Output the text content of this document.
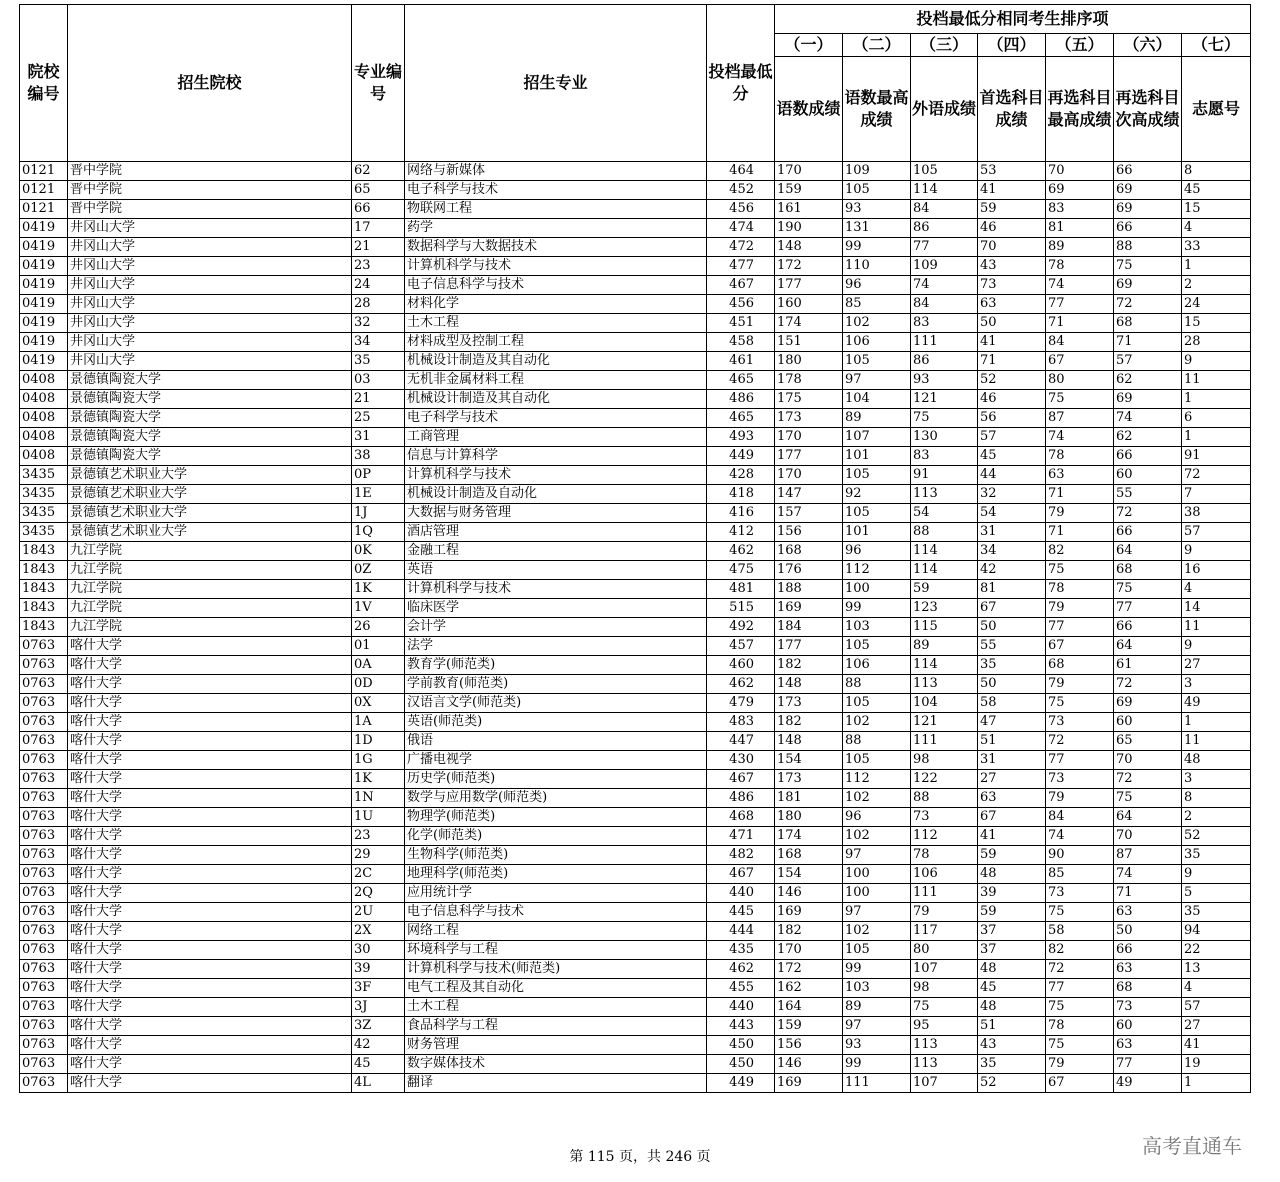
院校编号	招生院校	专业编号	招生专业	投档最低分	投档最低分相同考生排序项						
					（一）	（二）	（三）	（四）	（五）	（六）	（七）
					语数成绩	语数最高成绩	外语成绩	首选科目成绩	再选科目最高成绩	再选科目次高成绩	志愿号
0121	晋中学院	62	网络与新媒体	464	170	109	105	53	70	66	8
0121	晋中学院	65	电子科学与技术	452	159	105	114	41	69	69	45
0121	晋中学院	66	物联网工程	456	161	93	84	59	83	69	15
0419	井冈山大学	17	药学	474	190	131	86	46	81	66	4
0419	井冈山大学	21	数据科学与大数据技术	472	148	99	77	70	89	88	33
0419	井冈山大学	23	计算机科学与技术	477	172	110	109	43	78	75	1
0419	井冈山大学	24	电子信息科学与技术	467	177	96	74	73	74	69	2
0419	井冈山大学	28	材料化学	456	160	85	84	63	77	72	24
0419	井冈山大学	32	土木工程	451	174	102	83	50	71	68	15
0419	井冈山大学	34	材料成型及控制工程	458	151	106	111	41	84	71	28
0419	井冈山大学	35	机械设计制造及其自动化	461	180	105	86	71	67	57	9
0408	景德镇陶瓷大学	03	无机非金属材料工程	465	178	97	93	52	80	62	11
0408	景德镇陶瓷大学	21	机械设计制造及其自动化	486	175	104	121	46	75	69	1
0408	景德镇陶瓷大学	25	电子科学与技术	465	173	89	75	56	87	74	6
0408	景德镇陶瓷大学	31	工商管理	493	170	107	130	57	74	62	1
0408	景德镇陶瓷大学	38	信息与计算科学	449	177	101	83	45	78	66	91
3435	景德镇艺术职业大学	0P	计算机科学与技术	428	170	105	91	44	63	60	72
3435	景德镇艺术职业大学	1E	机械设计制造及自动化	418	147	92	113	32	71	55	7
3435	景德镇艺术职业大学	1J	大数据与财务管理	416	157	105	54	54	79	72	38
3435	景德镇艺术职业大学	1Q	酒店管理	412	156	101	88	31	71	66	57
1843	九江学院	0K	金融工程	462	168	96	114	34	82	64	9
1843	九江学院	0Z	英语	475	176	112	114	42	75	68	16
1843	九江学院	1K	计算机科学与技术	481	188	100	59	81	78	75	4
1843	九江学院	1V	临床医学	515	169	99	123	67	79	77	14
1843	九江学院	26	会计学	492	184	103	115	50	77	66	11
0763	喀什大学	01	法学	457	177	105	89	55	67	64	9
0763	喀什大学	0A	教育学(师范类)	460	182	106	114	35	68	61	27
0763	喀什大学	0D	学前教育(师范类)	462	148	88	113	50	79	72	3
0763	喀什大学	0X	汉语言文学(师范类)	479	173	105	104	58	75	69	49
0763	喀什大学	1A	英语(师范类)	483	182	102	121	47	73	60	1
0763	喀什大学	1D	俄语	447	148	88	111	51	72	65	11
0763	喀什大学	1G	广播电视学	430	154	105	98	31	77	70	48
0763	喀什大学	1K	历史学(师范类)	467	173	112	122	27	73	72	3
0763	喀什大学	1N	数学与应用数学(师范类)	486	181	102	88	63	79	75	8
0763	喀什大学	1U	物理学(师范类)	468	180	96	73	67	84	64	2
0763	喀什大学	23	化学(师范类)	471	174	102	112	41	74	70	52
0763	喀什大学	29	生物科学(师范类)	482	168	97	78	59	90	87	35
0763	喀什大学	2C	地理科学(师范类)	467	154	100	106	48	85	74	9
0763	喀什大学	2Q	应用统计学	440	146	100	111	39	73	71	5
0763	喀什大学	2U	电子信息科学与技术	445	169	97	79	59	75	63	35
0763	喀什大学	2X	网络工程	444	182	102	117	37	58	50	94
0763	喀什大学	30	环境科学与工程	435	170	105	80	37	82	66	22
0763	喀什大学	39	计算机科学与技术(师范类)	462	172	99	107	48	72	63	13
0763	喀什大学	3F	电气工程及其自动化	455	162	103	98	45	77	68	4
0763	喀什大学	3J	土木工程	440	164	89	75	48	75	73	57
0763	喀什大学	3Z	食品科学与工程	443	159	97	95	51	78	60	27
0763	喀什大学	42	财务管理	450	156	93	113	43	75	63	41
0763	喀什大学	45	数字媒体技术	450	146	99	113	35	79	77	19
0763	喀什大学	4L	翻译	449	169	111	107	52	67	49	1
第 115 页，共 246 页	高考直通车
